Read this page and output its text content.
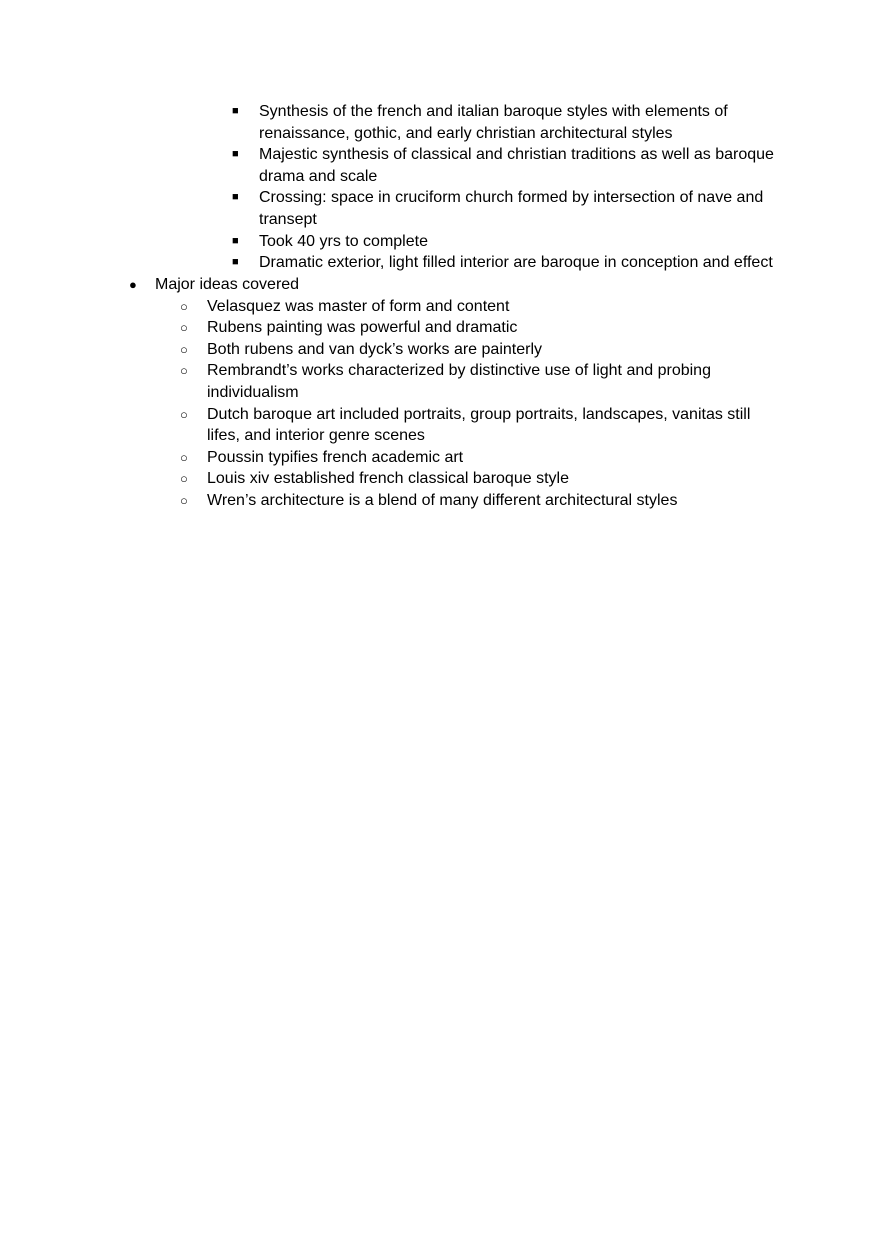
■ Synthesis of the french and italian baroque styles with elements of renaissance, gothic, and early christian architectural styles
■ Majestic synthesis of classical and christian traditions as well as baroque drama and scale
■ Crossing: space in cruciform church formed by intersection of nave and transept
■ Took 40 yrs to complete
■ Dramatic exterior, light filled interior are baroque in conception and effect
● Major ideas covered
○ Velasquez was master of form and content
○ Rubens painting was powerful and dramatic
○ Both rubens and van dyck’s works are painterly
○ Rembrandt’s works characterized by distinctive use of light and probing individualism
○ Dutch baroque art included portraits, group portraits, landscapes, vanitas still lifes, and interior genre scenes
○ Poussin typifies french academic art
○ Louis xiv established french classical baroque style
○ Wren’s architecture is a blend of many different architectural styles
